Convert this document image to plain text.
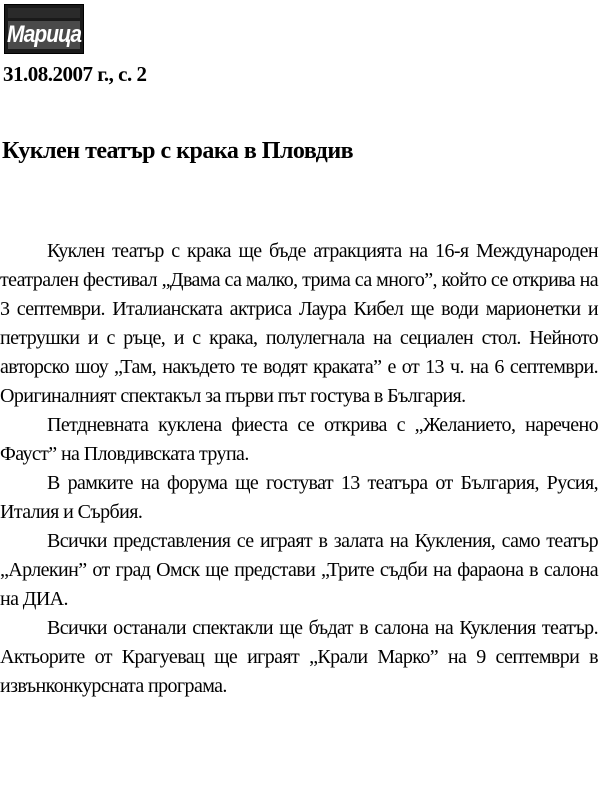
Марица
31.08.2007 г., с. 2
Куклен театър с крака в Пловдив

Куклен театър с крака ще бъде атракцията на 16-я Международен театрален фестивал „Двама са малко, трима са много”, който се открива на 3 септември. Италианската актриса Лаура Кибел ще води марионетки и петрушки и с ръце, и с крака, полулегнала на сециален стол. Нейното авторско шоу „Там, накъдето те водят краката” е от 13 ч. на 6 септември. Оригиналният спектакъл за първи път гостува в България.

Петдневната куклена фиеста се открива с „Желанието, наречено Фауст” на Пловдивската трупа.

В рамките на форума ще гостуват 13 театъра от България, Русия, Италия и Сърбия.

Всички представления се играят в залата на Кукления, само театър „Арлекин” от град Омск ще представи „Трите съдби на фараона в салона на ДИА.

Всички останали спектакли ще бъдат в салона на Кукления театър. Актьорите от Крагуевац ще играят „Крали Марко” на 9 септември в извънконкурсната програма.
